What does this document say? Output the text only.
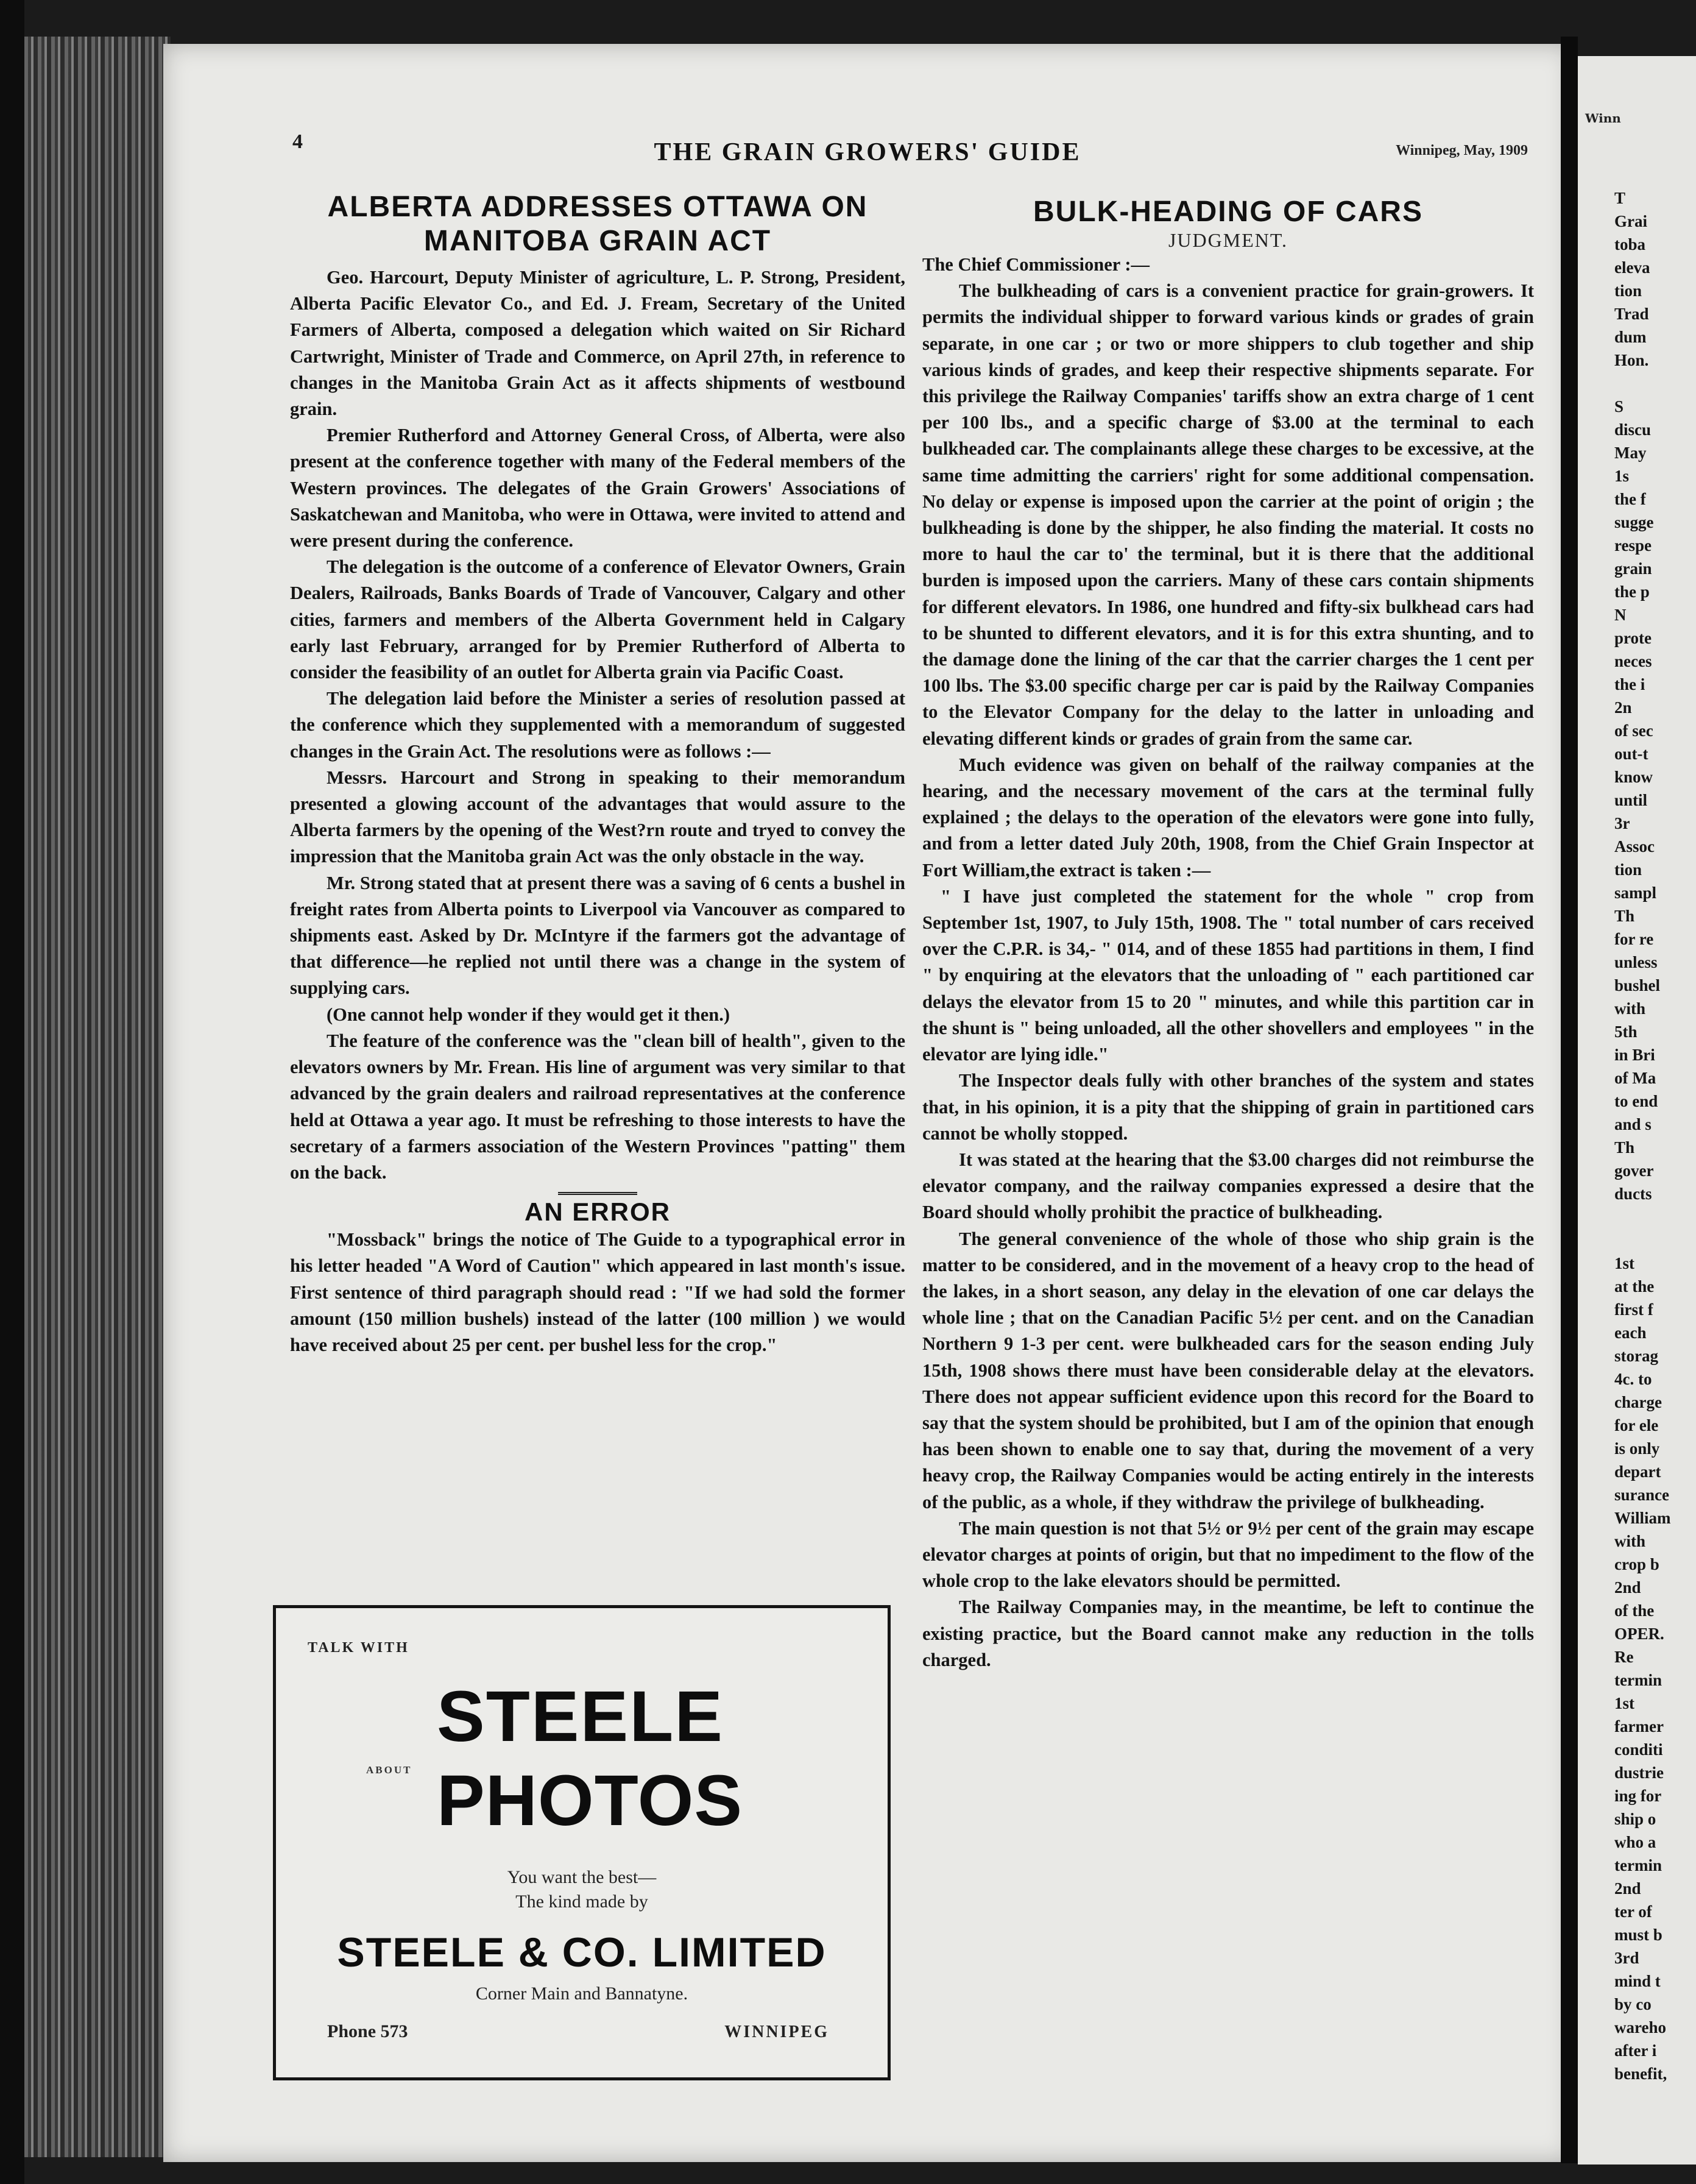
4	THE GRAIN GROWERS' GUIDE	Winnipeg, May, 1909
ALBERTA ADDRESSES OTTAWA ON MANITOBA GRAIN ACT

Geo. Harcourt, Deputy Minister of agriculture, L. P. Strong, President, Alberta Pacific Elevator Co., and Ed. J. Fream, Secretary of the United Farmers of Alberta, composed a delegation which waited on Sir Richard Cartwright, Minister of Trade and Commerce, on April 27th, in reference to changes in the Manitoba Grain Act as it affects shipments of westbound grain.

Premier Rutherford and Attorney General Cross, of Alberta, were also present at the conference together with many of the Federal members of the Western provinces. The delegates of the Grain Growers' Associations of Saskatchewan and Manitoba, who were in Ottawa, were invited to attend and were present during the conference.

The delegation is the outcome of a conference of Elevator Owners, Grain Dealers, Railroads, Banks Boards of Trade of Vancouver, Calgary and other cities, farmers and members of the Alberta Government held in Calgary early last February, arranged for by Premier Rutherford of Alberta to consider the feasibility of an outlet for Alberta grain via Pacific Coast.

The delegation laid before the Minister a series of resolution passed at the conference which they supplemented with a memorandum of suggested changes in the Grain Act. The resolutions were as follows :—

Messrs. Harcourt and Strong in speaking to their memorandum presented a glowing account of the advantages that would assure to the Alberta farmers by the opening of the West?rn route and tryed to convey the impression that the Manitoba grain Act was the only obstacle in the way.

Mr. Strong stated that at present there was a saving of 6 cents a bushel in freight rates from Alberta points to Liverpool via Vancouver as compared to shipments east. Asked by Dr. McIntyre if the farmers got the advantage of that difference—he replied not until there was a change in the system of supplying cars.

(One cannot help wonder if they would get it then.)

The feature of the conference was the "clean bill of health", given to the elevators owners by Mr. Frean. His line of argument was very similar to that advanced by the grain dealers and railroad representatives at the conference held at Ottawa a year ago. It must be refreshing to those interests to have the secretary of a farmers association of the Western Provinces "patting" them on the back.

AN ERROR

"Mossback" brings the notice of The Guide to a typographical error in his letter headed "A Word of Caution" which appeared in last month's issue. First sentence of third paragraph should read : "If we had sold the former amount (150 million bushels) instead of the latter (100 million ) we would have received about 25 per cent. per bushel less for the crop."

TALK WITH
STEELE
ABOUT PHOTOS
You want the best—
The kind made by
STEELE & CO. LIMITED
Corner Main and Bannatyne.
Phone 573	WINNIPEG
BULK-HEADING OF CARS
JUDGMENT.

The Chief Commissioner :—

The bulkheading of cars is a convenient practice for grain-growers. It permits the individual shipper to forward various kinds or grades of grain separate, in one car ; or two or more shippers to club together and ship various kinds of grades, and keep their respective shipments separate. For this privilege the Railway Companies' tariffs show an extra charge of 1 cent per 100 lbs., and a specific charge of $3.00 at the terminal to each bulkheaded car. The complainants allege these charges to be excessive, at the same time admitting the carriers' right for some additional compensation. No delay or expense is imposed upon the carrier at the point of origin ; the bulkheading is done by the shipper, he also finding the material. It costs no more to haul the car to' the terminal, but it is there that the additional burden is imposed upon the carriers. Many of these cars contain shipments for different elevators. In 1986, one hundred and fifty-six bulkhead cars had to be shunted to different elevators, and it is for this extra shunting, and to the damage done the lining of the car that the carrier charges the 1 cent per 100 lbs. The $3.00 specific charge per car is paid by the Railway Companies to the Elevator Company for the delay to the latter in unloading and elevating different kinds or grades of grain from the same car.

Much evidence was given on behalf of the railway companies at the hearing, and the necessary movement of the cars at the terminal fully explained ; the delays to the operation of the elevators were gone into fully, and from a letter dated July 20th, 1908, from the Chief Grain Inspector at Fort William,the extract is taken :—

" I have just completed the statement for the whole " crop from September 1st, 1907, to July 15th, 1908. The " total number of cars received over the C.P.R. is 34,- " 014, and of these 1855 had partitions in them, I find " by enquiring at the elevators that the unloading of " each partitioned car delays the elevator from 15 to 20 " minutes, and while this partition car in the shunt is " being unloaded, all the other shovellers and employees " in the elevator are lying idle."

The Inspector deals fully with other branches of the system and states that, in his opinion, it is a pity that the shipping of grain in partitioned cars cannot be wholly stopped.

It was stated at the hearing that the $3.00 charges did not reimburse the elevator company, and the railway companies expressed a desire that the Board should wholly prohibit the practice of bulkheading.

The general convenience of the whole of those who ship grain is the matter to be considered, and in the movement of a heavy crop to the head of the lakes, in a short season, any delay in the elevation of one car delays the whole line ; that on the Canadian Pacific 5½ per cent. and on the Canadian Northern 9 1-3 per cent. were bulkheaded cars for the season ending July 15th, 1908 shows there must have been considerable delay at the elevators. There does not appear sufficient evidence upon this record for the Board to say that the system should be prohibited, but I am of the opinion that enough has been shown to enable one to say that, during the movement of a very heavy crop, the Railway Companies would be acting entirely in the interests of the public, as a whole, if they withdraw the privilege of bulkheading.

The main question is not that 5½ or 9½ per cent of the grain may escape elevator charges at points of origin, but that no impediment to the flow of the whole crop to the lake elevators should be permitted.

The Railway Companies may, in the meantime, be left to continue the existing practice, but the Board cannot make any reduction in the tolls charged.

Winn
T
Grai
toba
eleva
tion
Trad
dum
Hon.

S
discu
May
1s
the f
sugge
respe
grain
the p
N
prote
neces
the i
2n
of sec
out-t
know
until
3r
Assoc
tion
sampl
Th
for re
unless
bushel
with
5th
in Bri
of Ma
to end
and s
Th
gover
ducts

1st
at the
first f
each
storag
4c. to
charge
for ele
is only
depart
surance
William
with
crop b
2nd
of the
OPER.
Re
termin
1st
farmer
conditi
dustrie
ing for
ship o
who a
termin
2nd
ter of
must b
3rd
mind t
by co
wareho
after i
benefit,
